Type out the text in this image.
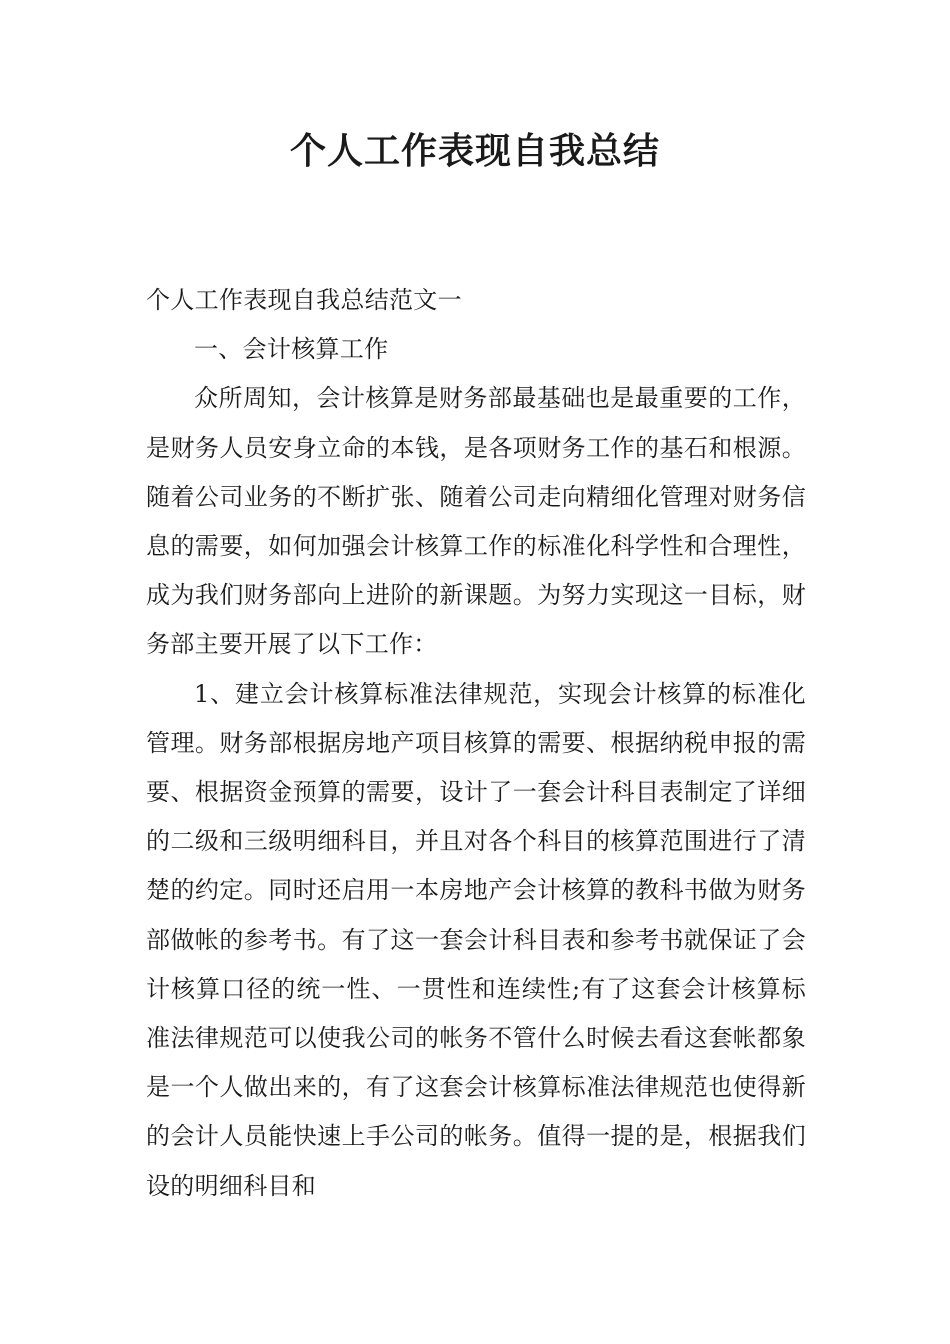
个人工作表现自我总结

个人工作表现自我总结范文一

一、会计核算工作

众所周知，会计核算是财务部最基础也是最重要的工作，是财务人员安身立命的本钱，是各项财务工作的基石和根源。随着公司业务的不断扩张、随着公司走向精细化管理对财务信息的需要，如何加强会计核算工作的标准化科学性和合理性，成为我们财务部向上进阶的新课题。为努力实现这一目标，财务部主要开展了以下工作：

1、建立会计核算标准法律规范，实现会计核算的标准化管理。财务部根据房地产项目核算的需要、根据纳税申报的需要、根据资金预算的需要，设计了一套会计科目表制定了详细的二级和三级明细科目，并且对各个科目的核算范围进行了清楚的约定。同时还启用一本房地产会计核算的教科书做为财务部做帐的参考书。有了这一套会计科目表和参考书就保证了会计核算口径的统一性、一贯性和连续性;有了这套会计核算标准法律规范可以使我公司的帐务不管什么时候去看这套帐都象是一个人做出来的，有了这套会计核算标准法律规范也使得新的会计人员能快速上手公司的帐务。值得一提的是，根据我们设的明细科目和
